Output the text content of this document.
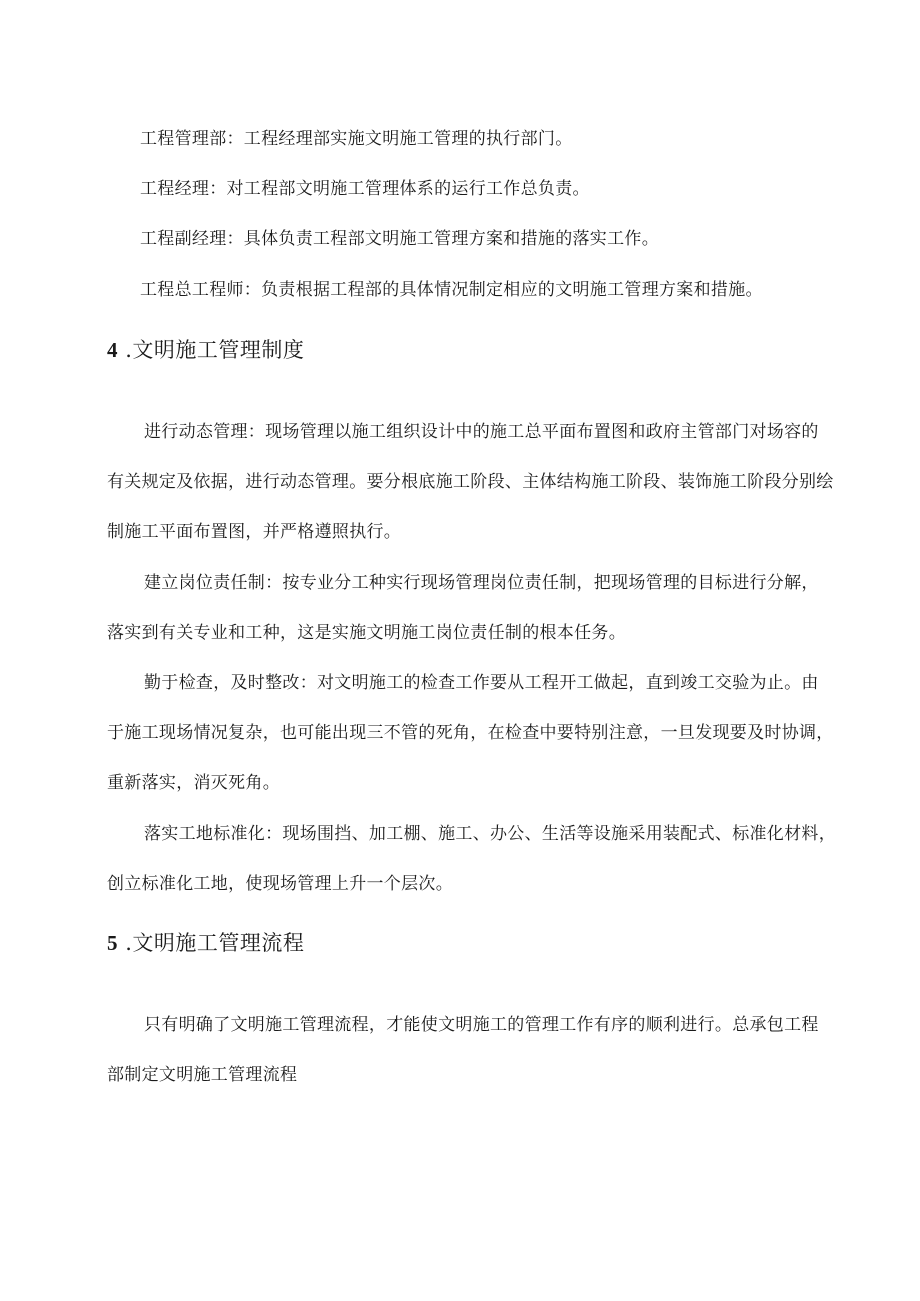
工程管理部：工程经理部实施文明施工管理的执行部门。
工程经理：对工程部文明施工管理体系的运行工作总负责。
工程副经理：具体负责工程部文明施工管理方案和措施的落实工作。
工程总工程师：负责根据工程部的具体情况制定相应的文明施工管理方案和措施。
4 .文明施工管理制度
进行动态管理：现场管理以施工组织设计中的施工总平面布置图和政府主管部门对场容的
有关规定及依据，进行动态管理。要分根底施工阶段、主体结构施工阶段、装饰施工阶段分别绘
制施工平面布置图，并严格遵照执行。
建立岗位责任制：按专业分工种实行现场管理岗位责任制，把现场管理的目标进行分解，
落实到有关专业和工种，这是实施文明施工岗位责任制的根本任务。
勤于检查，及时整改：对文明施工的检查工作要从工程开工做起，直到竣工交验为止。由
于施工现场情况复杂，也可能出现三不管的死角，在检查中要特别注意，一旦发现要及时协调，
重新落实，消灭死角。
落实工地标准化：现场围挡、加工棚、施工、办公、生活等设施采用装配式、标准化材料，
创立标准化工地，使现场管理上升一个层次。
5 .文明施工管理流程
只有明确了文明施工管理流程，才能使文明施工的管理工作有序的顺利进行。总承包工程
部制定文明施工管理流程
